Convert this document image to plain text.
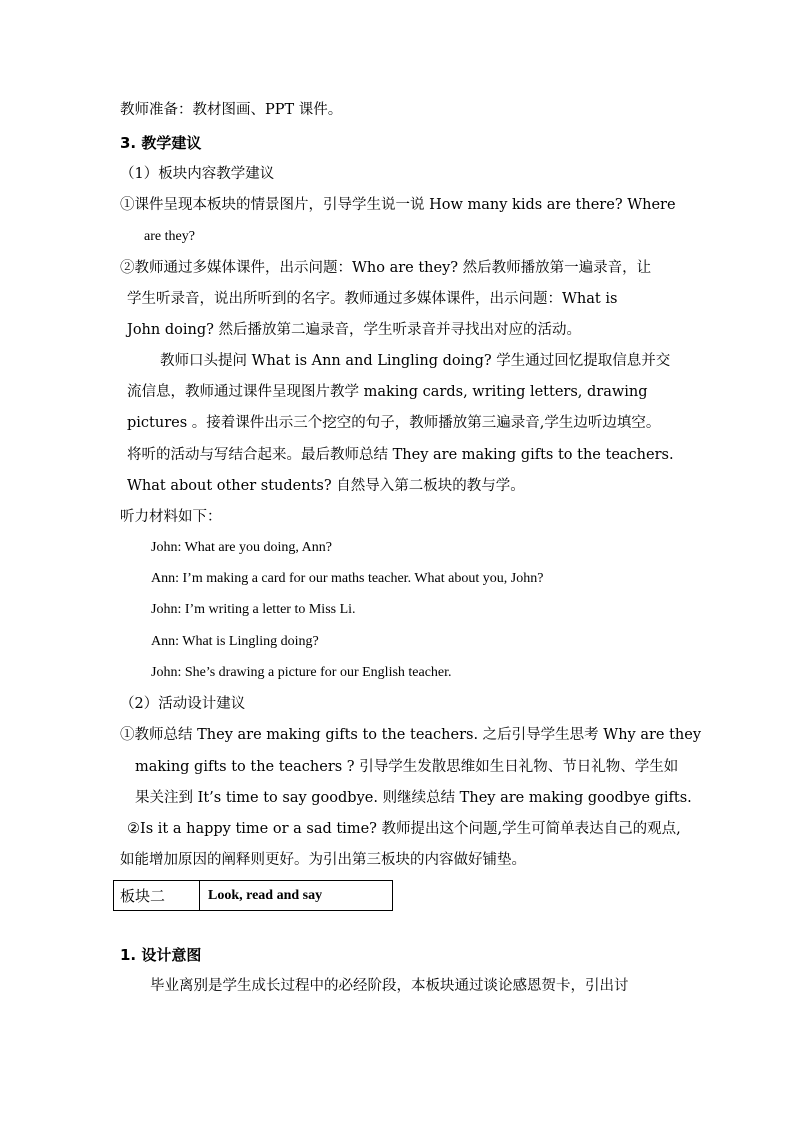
教师准备：教材图画、PPT 课件。
3. 教学建议
（1）板块内容教学建议
①课件呈现本板块的情景图片，引导学生说一说 How many kids are there? Where
are they?
②教师通过多媒体课件，出示问题：Who are they? 然后教师播放第一遍录音，让
学生听录音，说出所听到的名字。教师通过多媒体课件，出示问题：What is
John doing? 然后播放第二遍录音，学生听录音并寻找出对应的活动。
教师口头提问 What is Ann and Lingling doing? 学生通过回忆提取信息并交
流信息，教师通过课件呈现图片教学 making cards, writing letters, drawing
pictures 。接着课件出示三个挖空的句子，教师播放第三遍录音,学生边听边填空。
将听的活动与写结合起来。最后教师总结 They are making gifts to the teachers.
What about other students? 自然导入第二板块的教与学。
听力材料如下：
John: What are you doing, Ann?
Ann: I’m making a card for our maths teacher. What about you, John?
John: I’m writing a letter to Miss Li.
Ann: What is Lingling doing?
John: She’s drawing a picture for our English teacher.
（2）活动设计建议
①教师总结 They are making gifts to the teachers. 之后引导学生思考 Why are they
making gifts to the teachers ? 引导学生发散思维如生日礼物、节日礼物、学生如
果关注到 It’s time to say goodbye. 则继续总结 They are making goodbye gifts.
②Is it a happy time or a sad time? 教师提出这个问题,学生可简单表达自己的观点,
如能增加原因的阐释则更好。为引出第三板块的内容做好铺垫。
板块二	Look, read and say
1. 设计意图
毕业离别是学生成长过程中的必经阶段，本板块通过谈论感恩贺卡，引出讨
